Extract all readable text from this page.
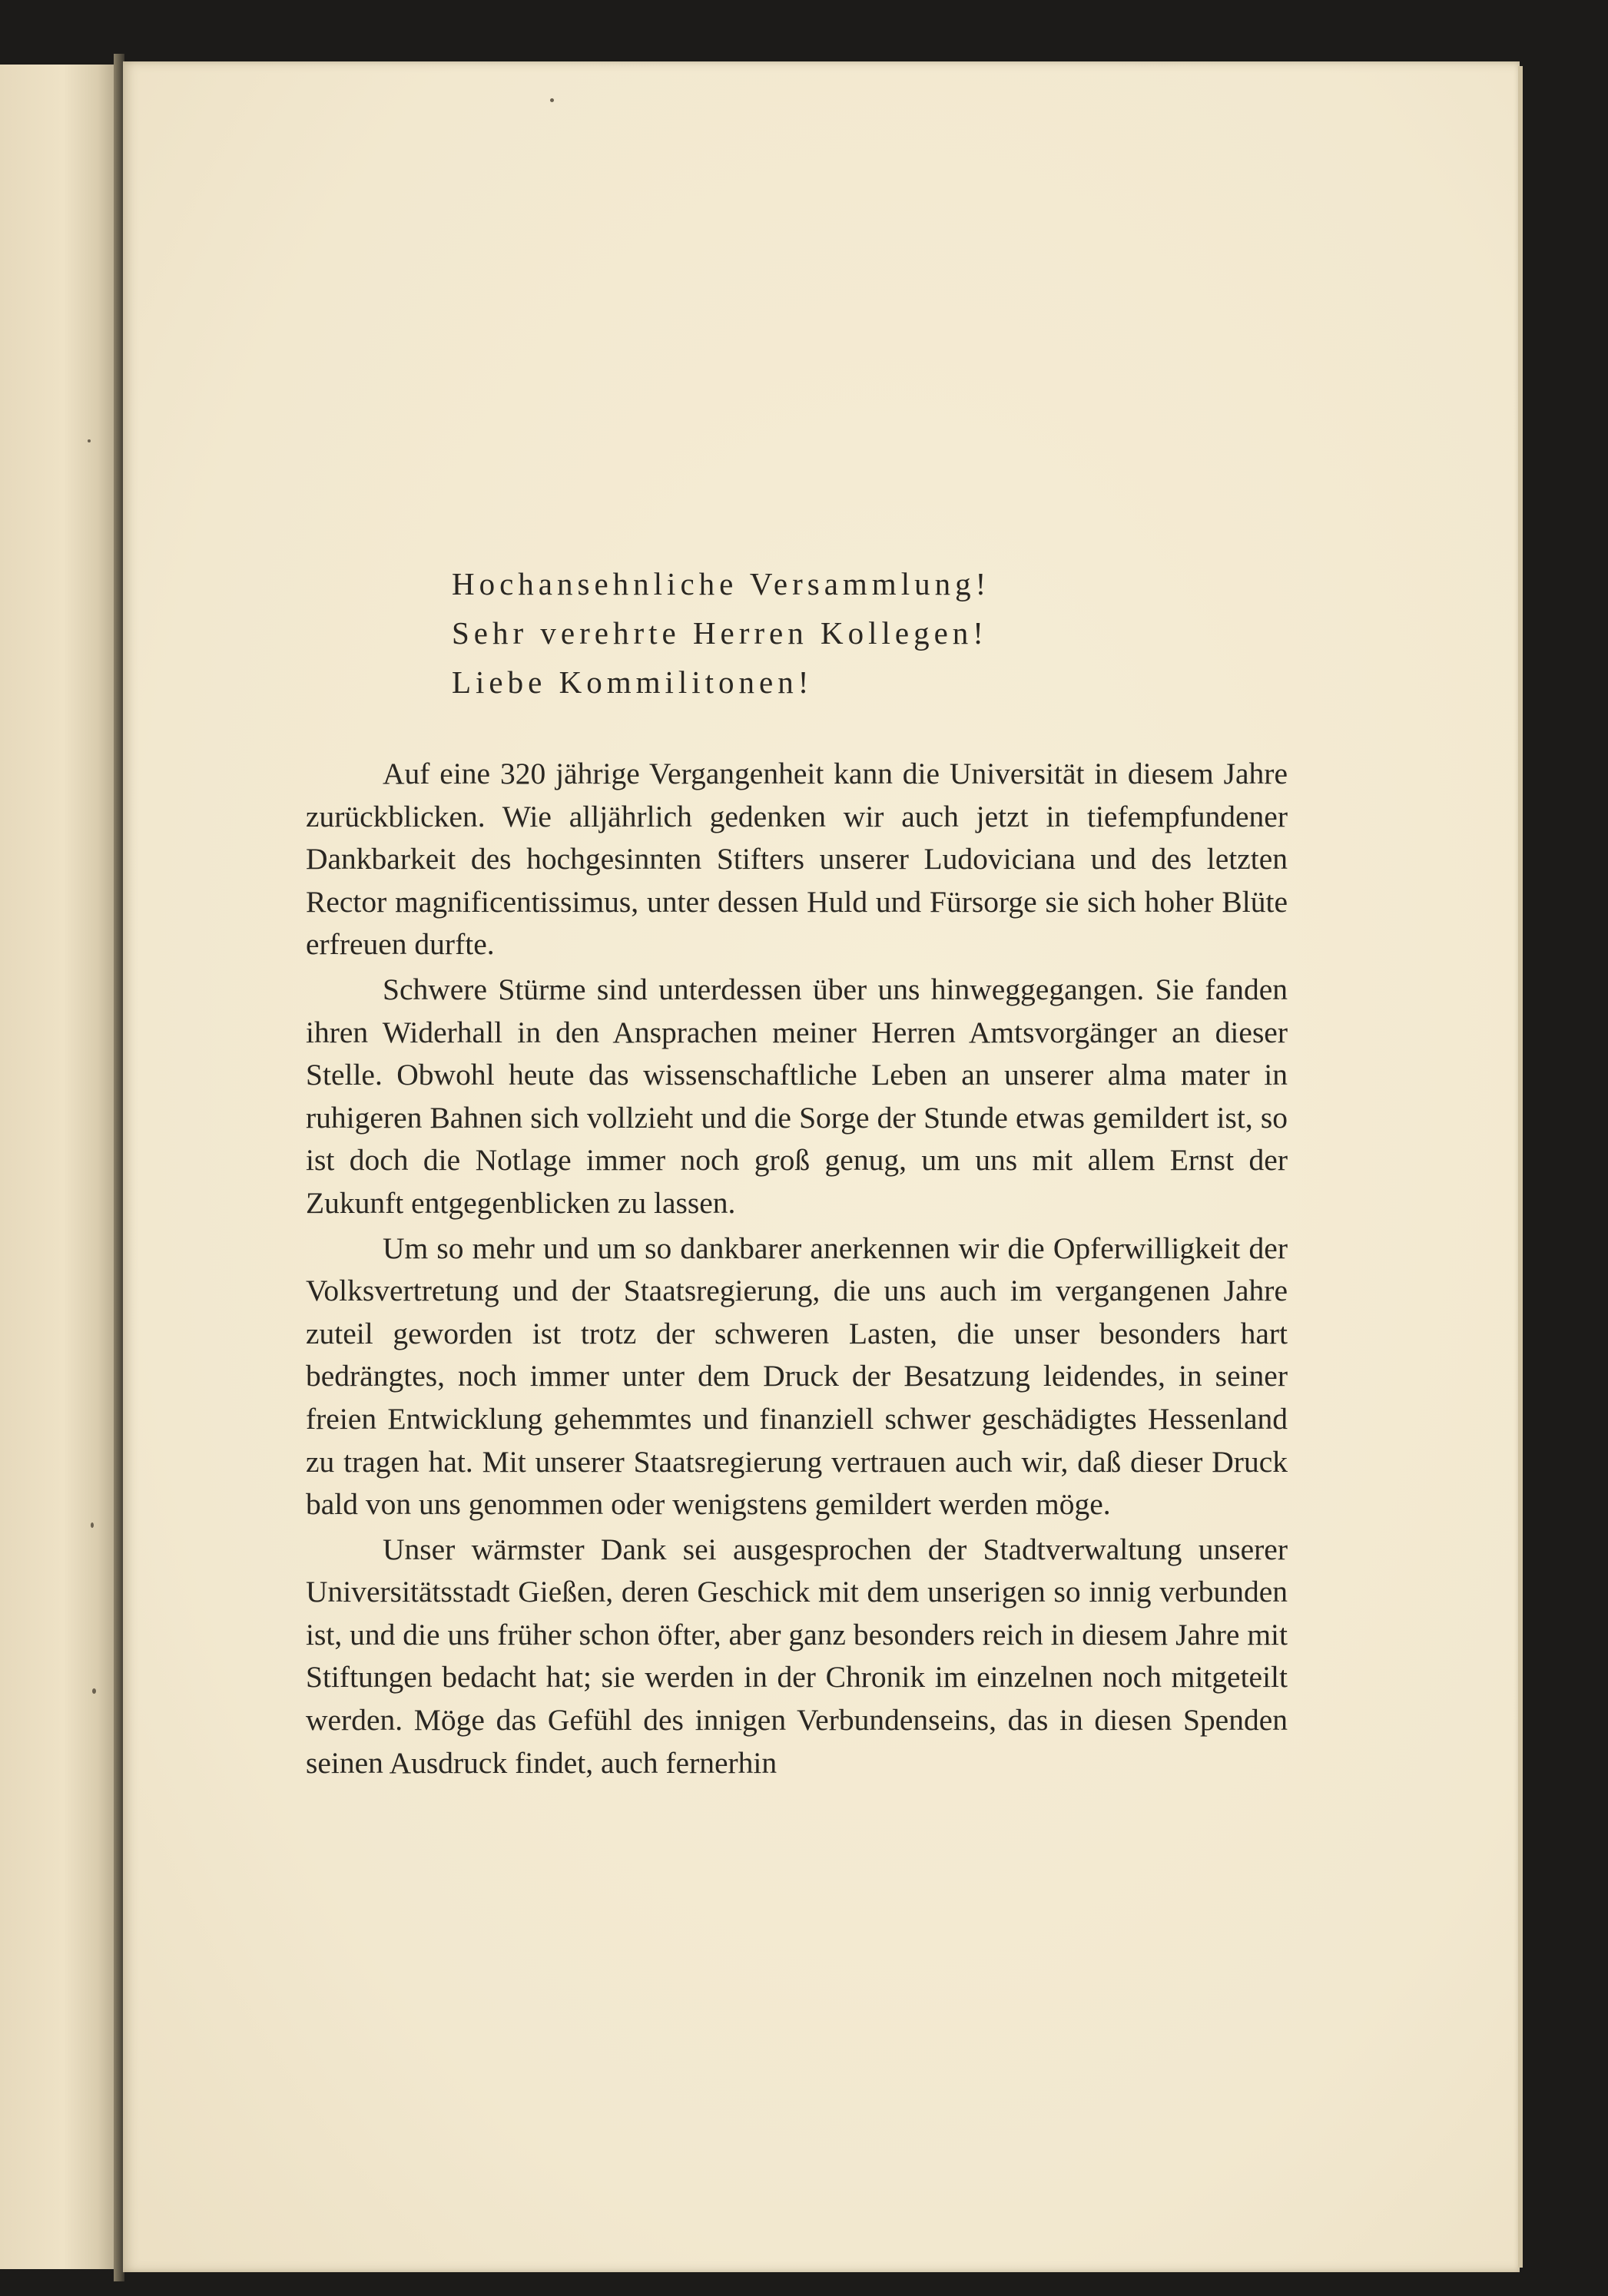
Hochansehnliche Versammlung!
Sehr verehrte Herren Kollegen!
Liebe Kommilitonen!

Auf eine 320 jährige Vergangenheit kann die Universität in diesem Jahre zurückblicken. Wie alljährlich gedenken wir auch jetzt in tiefempfundener Dankbarkeit des hochgesinnten Stifters unserer Ludoviciana und des letzten Rector magnificentissimus, unter dessen Huld und Fürsorge sie sich hoher Blüte erfreuen durfte.

Schwere Stürme sind unterdessen über uns hinweggegangen. Sie fanden ihren Widerhall in den Ansprachen meiner Herren Amtsvorgänger an dieser Stelle. Obwohl heute das wissenschaftliche Leben an unserer alma mater in ruhigeren Bahnen sich vollzieht und die Sorge der Stunde etwas gemildert ist, so ist doch die Notlage immer noch groß genug, um uns mit allem Ernst der Zukunft entgegenblicken zu lassen.

Um so mehr und um so dankbarer anerkennen wir die Opferwilligkeit der Volksvertretung und der Staatsregierung, die uns auch im vergangenen Jahre zuteil geworden ist trotz der schweren Lasten, die unser besonders hart bedrängtes, noch immer unter dem Druck der Besatzung leidendes, in seiner freien Entwicklung gehemmtes und finanziell schwer geschädigtes Hessenland zu tragen hat. Mit unserer Staatsregierung vertrauen auch wir, daß dieser Druck bald von uns genommen oder wenigstens gemildert werden möge.

Unser wärmster Dank sei ausgesprochen der Stadtverwaltung unserer Universitätsstadt Gießen, deren Geschick mit dem unserigen so innig verbunden ist, und die uns früher schon öfter, aber ganz besonders reich in diesem Jahre mit Stiftungen bedacht hat; sie werden in der Chronik im einzelnen noch mitgeteilt werden. Möge das Gefühl des innigen Verbundenseins, das in diesen Spenden seinen Ausdruck findet, auch fernerhin
